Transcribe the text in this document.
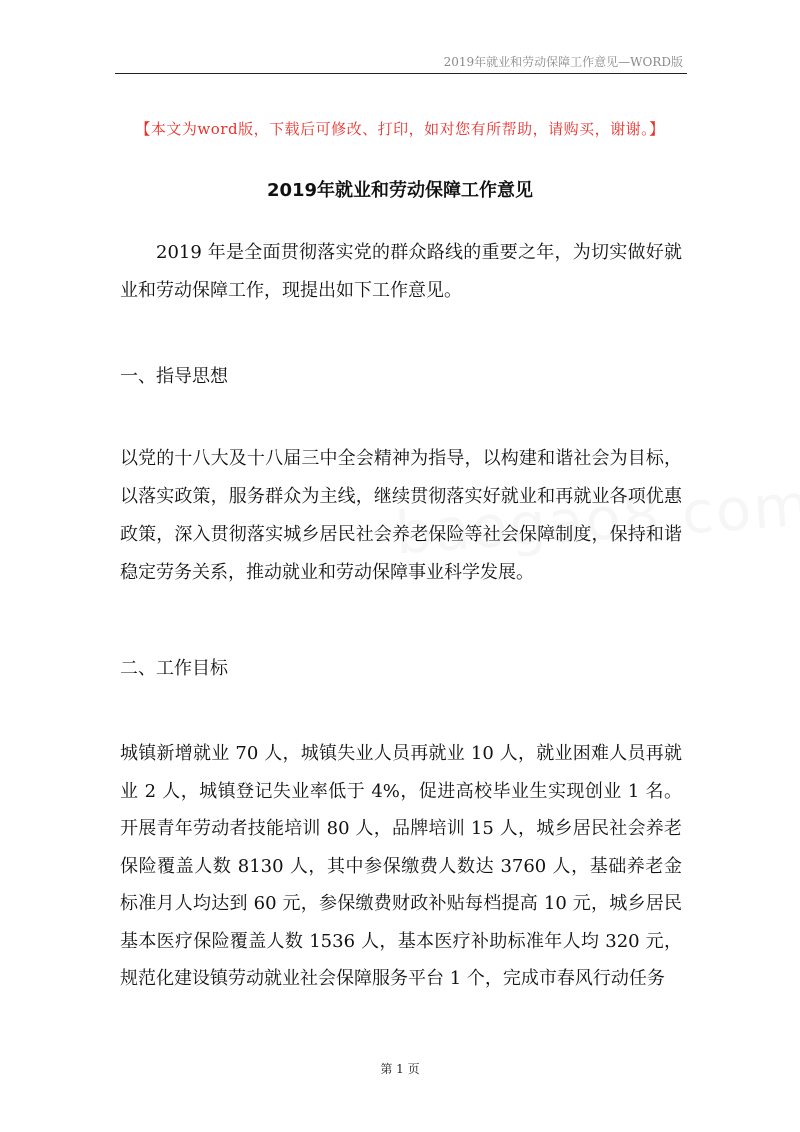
2019年就业和劳动保障工作意见—WORD版
【本文为word版，下载后可修改、打印，如对您有所帮助，请购买，谢谢。】
2019年就业和劳动保障工作意见

2019 年是全面贯彻落实党的群众路线的重要之年，为切实做好就业和劳动保障工作，现提出如下工作意见。

一、指导思想

以党的十八大及十八届三中全会精神为指导，以构建和谐社会为目标，以落实政策，服务群众为主线，继续贯彻落实好就业和再就业各项优惠政策，深入贯彻落实城乡居民社会养老保险等社会保障制度，保持和谐稳定劳务关系，推动就业和劳动保障事业科学发展。

二、工作目标

城镇新增就业 70 人，城镇失业人员再就业 10 人，就业困难人员再就业 2 人，城镇登记失业率低于 4%，促进高校毕业生实现创业 1 名。开展青年劳动者技能培训 80 人，品牌培训 15 人，城乡居民社会养老保险覆盖人数 8130 人，其中参保缴费人数达 3760 人，基础养老金标准月人均达到 60 元，参保缴费财政补贴每档提高 10 元，城乡居民基本医疗保险覆盖人数 1536 人，基本医疗补助标准年人均 320 元，规范化建设镇劳动就业社会保障服务平台 1 个，完成市春风行动任务

第 1 页
